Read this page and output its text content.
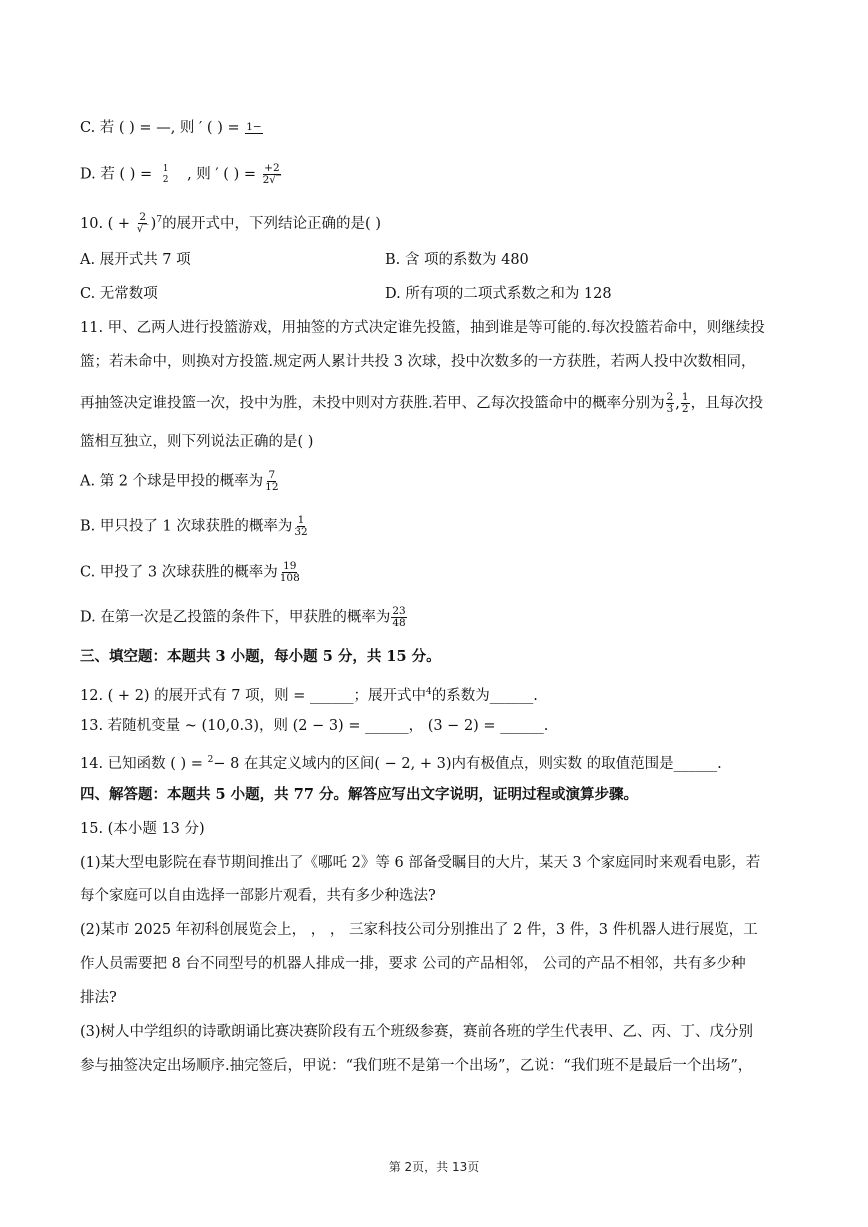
C. 若 ( ) = —, 则 ′ ( ) = 1−
D. 若 ( ) = 1
2 , 则 ′ ( ) = $\frac{+2}{2√‾}$
10. ( + $\frac{2}{√‾} )^7$的展开式中，下列结论正确的是( )
A. 展开式共 7 项	B. 含 项的系数为 480
C. 无常数项	D. 所有项的二项式系数之和为 128
11. 甲、乙两人进行投篮游戏，用抽签的方式决定谁先投篮，抽到谁是等可能的.每次投篮若命中，则继续投
篮；若未命中，则换对方投篮.规定两人累计共投 3 次球，投中次数多的一方获胜，若两人投中次数相同，
再抽签决定谁投篮一次，投中为胜，未投中则对方获胜.若甲、乙每次投篮命中的概率分别为 $\frac{2}{3}$ , $\frac{1}{2}$ ，且每次投
篮相互独立，则下列说法正确的是( )
A. 第 2 个球是甲投的概率为 $\frac{7}{12}$
B. 甲只投了 1 次球获胜的概率为 $\frac{1}{32}$
C. 甲投了 3 次球获胜的概率为 $\frac{19}{108}$
D. 在第一次是乙投篮的条件下，甲获胜的概率为 $\frac{23}{48}$
三、填空题：本题共 3 小题，每小题 5 分，共 15 分。
12. ( + 2) 的展开式有 7 项，则 = ______；展开式中$^4$的系数为______.
13. 若随机变量 ~ (10,0.3)，则 (2 − 3) = ______， (3 − 2) = ______.
14. 已知函数 ( ) = $^2$− 8 在其定义域内的区间( − 2, + 3)内有极值点，则实数 的取值范围是______.
四、解答题：本题共 5 小题，共 77 分。解答应写出文字说明，证明过程或演算步骤。
15. (本小题 13 分)
(1)某大型电影院在春节期间推出了《哪吒 2》等 6 部备受瞩目的大片，某天 3 个家庭同时来观看电影，若
每个家庭可以自由选择一部影片观看，共有多少种选法?
(2)某市 2025 年初科创展览会上， ， ， 三家科技公司分别推出了 2 件，3 件，3 件机器人进行展览，工
作人员需要把 8 台不同型号的机器人排成一排，要求 公司的产品相邻， 公司的产品不相邻，共有多少种
排法?
(3)树人中学组织的诗歌朗诵比赛决赛阶段有五个班级参赛，赛前各班的学生代表甲、乙、丙、丁、戊分别
参与抽签决定出场顺序.抽完签后，甲说：“我们班不是第一个出场”，乙说：“我们班不是最后一个出场”，
第 2页，共 13页
